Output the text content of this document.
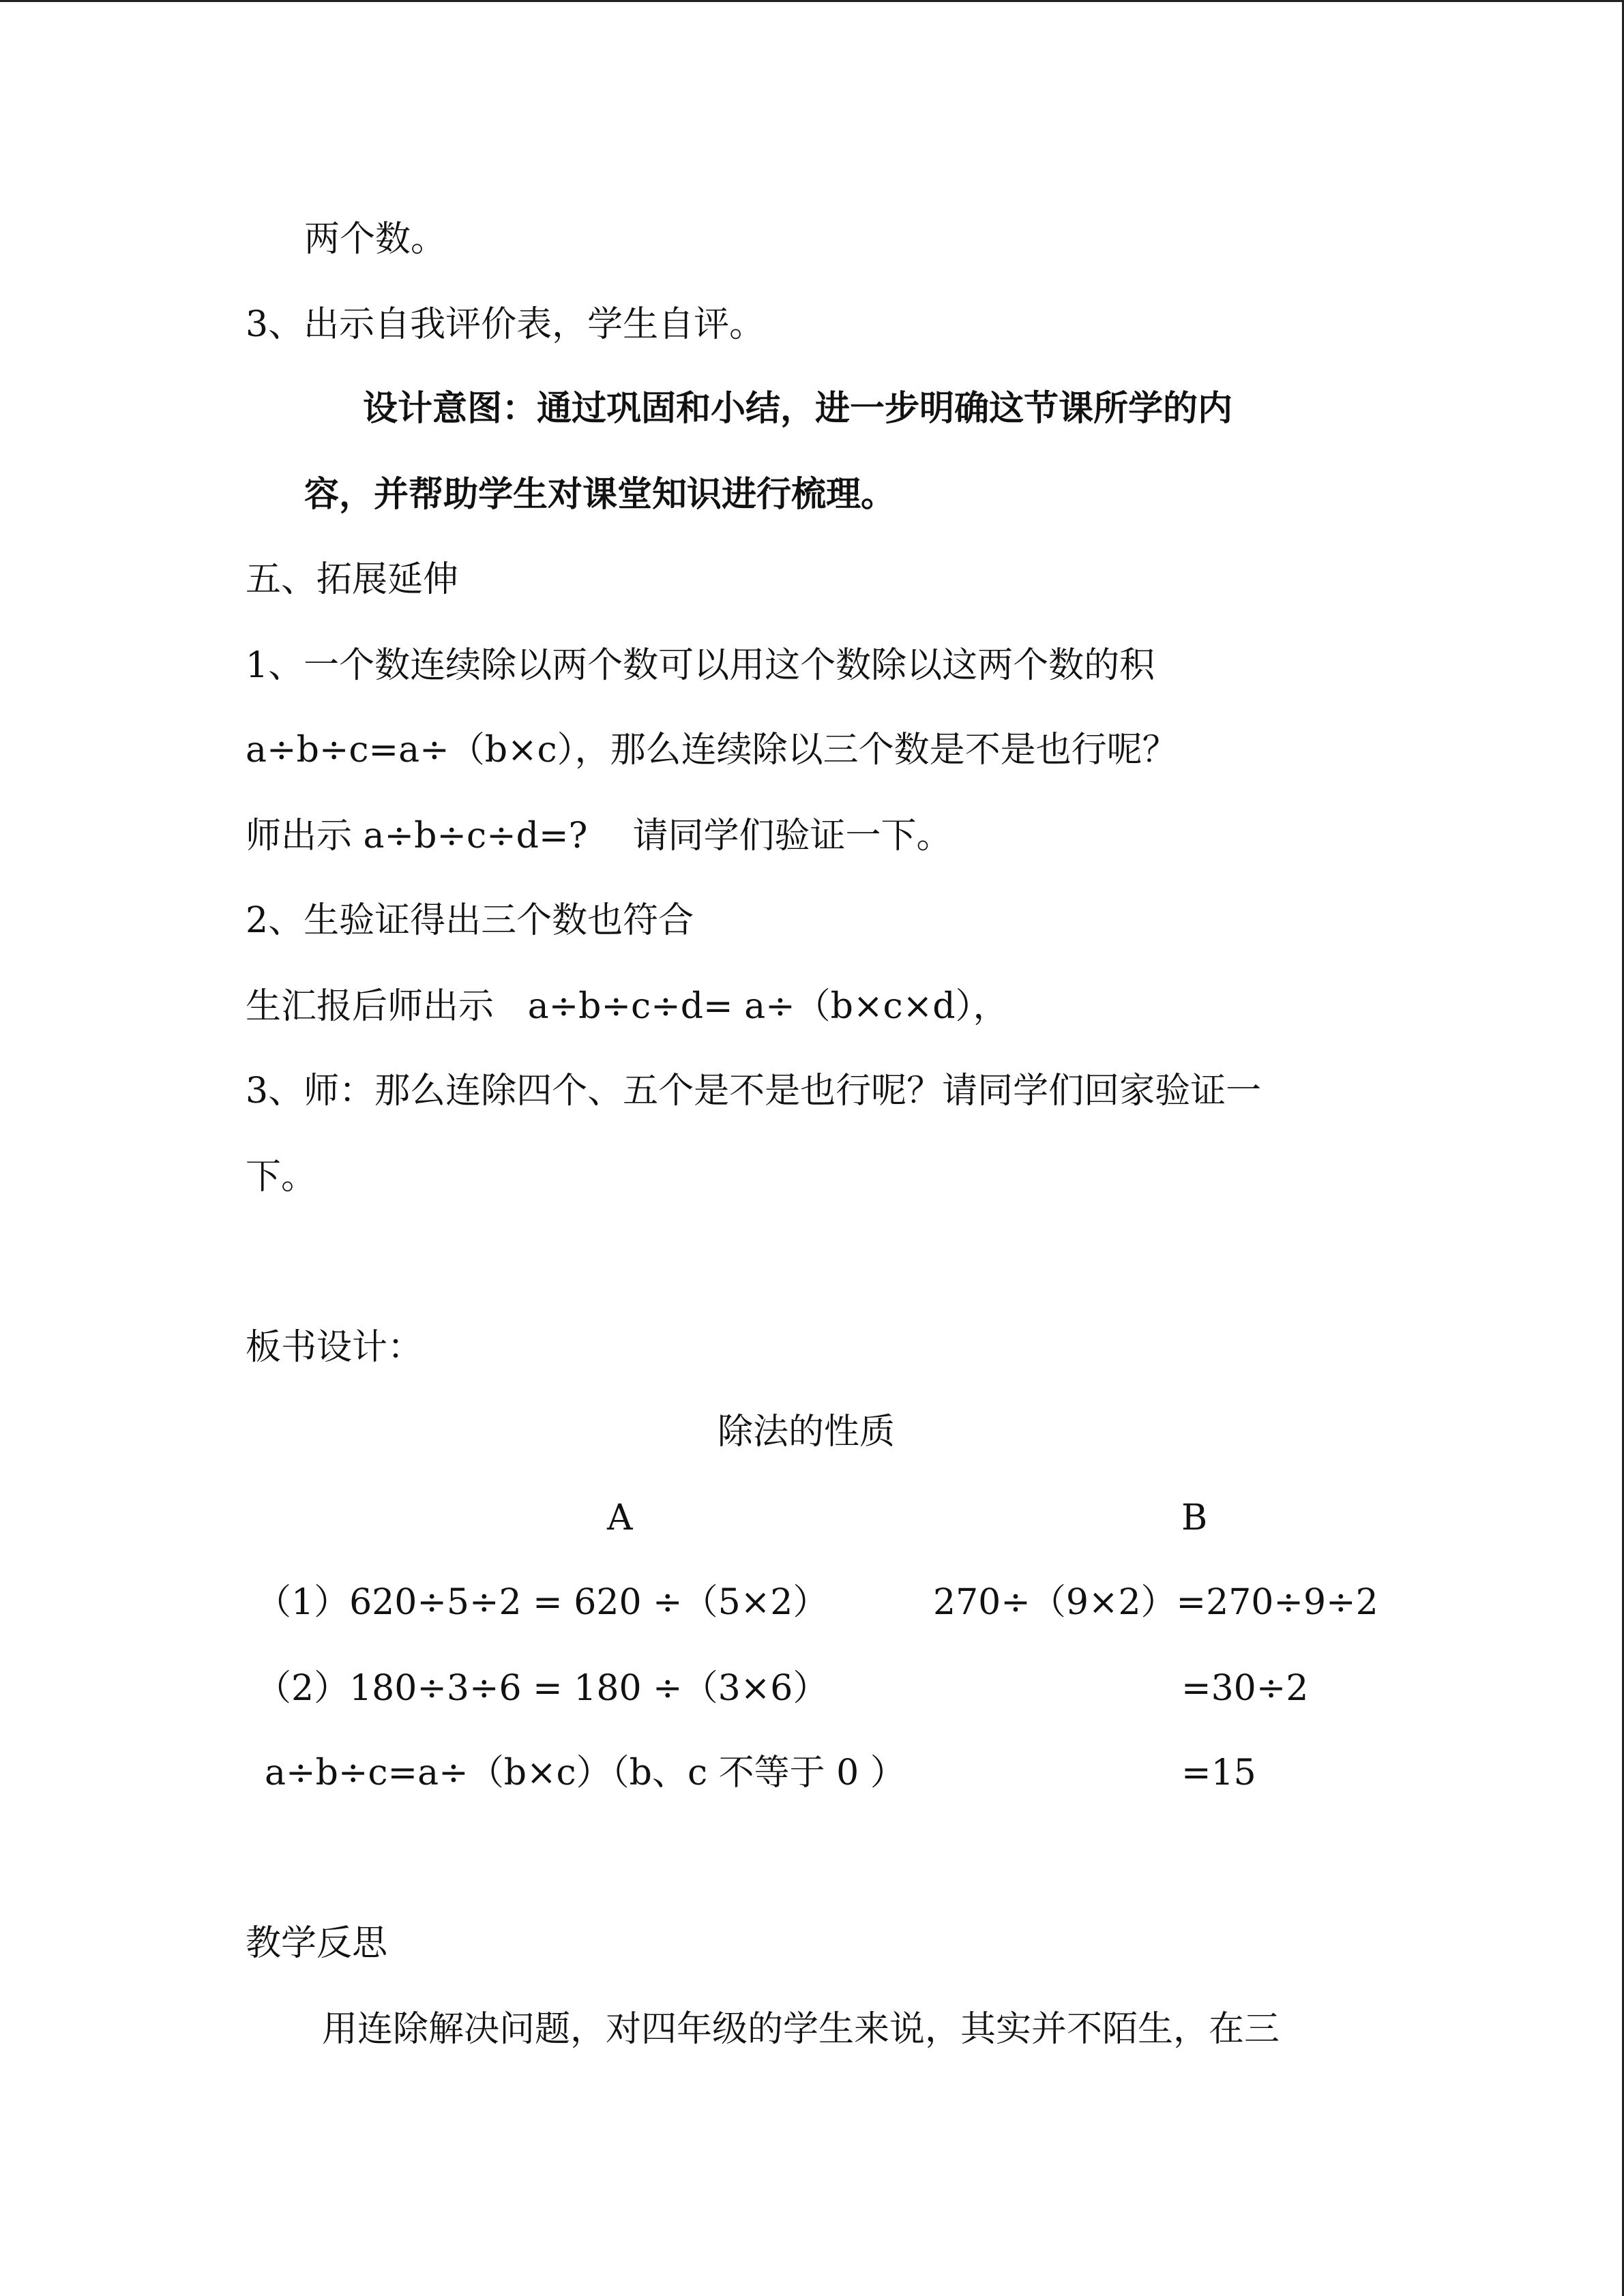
两个数。
3、出示自我评价表，学生自评。
设计意图：通过巩固和小结，进一步明确这节课所学的内
容，并帮助学生对课堂知识进行梳理。
五、拓展延伸
1、一个数连续除以两个数可以用这个数除以这两个数的积
a÷b÷c=a÷（b×c），那么连续除以三个数是不是也行呢？
师出示 a÷b÷c÷d=?    请同学们验证一下。
2、生验证得出三个数也符合
生汇报后师出示   a÷b÷c÷d= a÷（b×c×d），
3、师：那么连除四个、五个是不是也行呢？请同学们回家验证一
下。
板书设计：
除法的性质
A	B
（1）620÷5÷2 = 620 ÷（5×2）	270÷（9×2）=270÷9÷2
（2）180÷3÷6 = 180 ÷（3×6）	=30÷2
a÷b÷c=a÷（b×c）（b、c 不等于 0 ）	=15
教学反思
用连除解决问题，对四年级的学生来说，其实并不陌生，在三
